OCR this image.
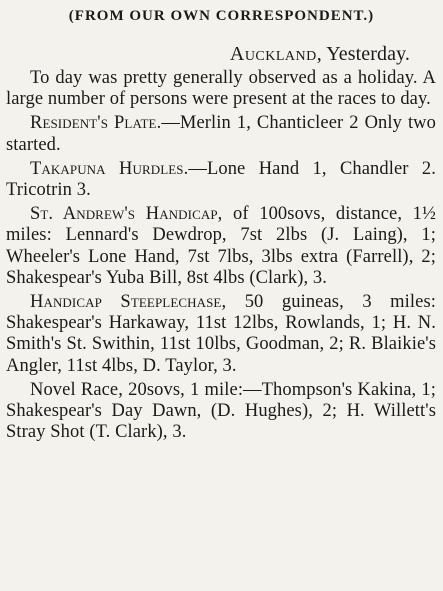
(FROM OUR OWN CORRESPONDENT.)
Auckland, Yesterday.

To day was pretty generally observed as a holiday. A large number of persons were present at the races to day.

Resident's Plate.—Merlin 1, Chanticleer 2 Only two started.

Takapuna Hurdles.—Lone Hand 1, Chandler 2. Tricotrin 3.

St. Andrew's Handicap, of 100sovs, distance, 1½ miles: Lennard's Dewdrop, 7st 2lbs (J. Laing), 1; Wheeler's Lone Hand, 7st 7lbs, 3lbs extra (Farrell), 2; Shakespear's Yuba Bill, 8st 4lbs (Clark), 3.

Handicap Steeplechase, 50 guineas, 3 miles: Shakespear's Harkaway, 11st 12lbs, Rowlands, 1; H. N. Smith's St. Swithin, 11st 10lbs, Goodman, 2; R. Blaikie's Angler, 11st 4lbs, D. Taylor, 3.

Novel Race, 20sovs, 1 mile:—Thompson's Kakina, 1; Shakespear's Day Dawn, (D. Hughes), 2; H. Willett's Stray Shot (T. Clark), 3.
